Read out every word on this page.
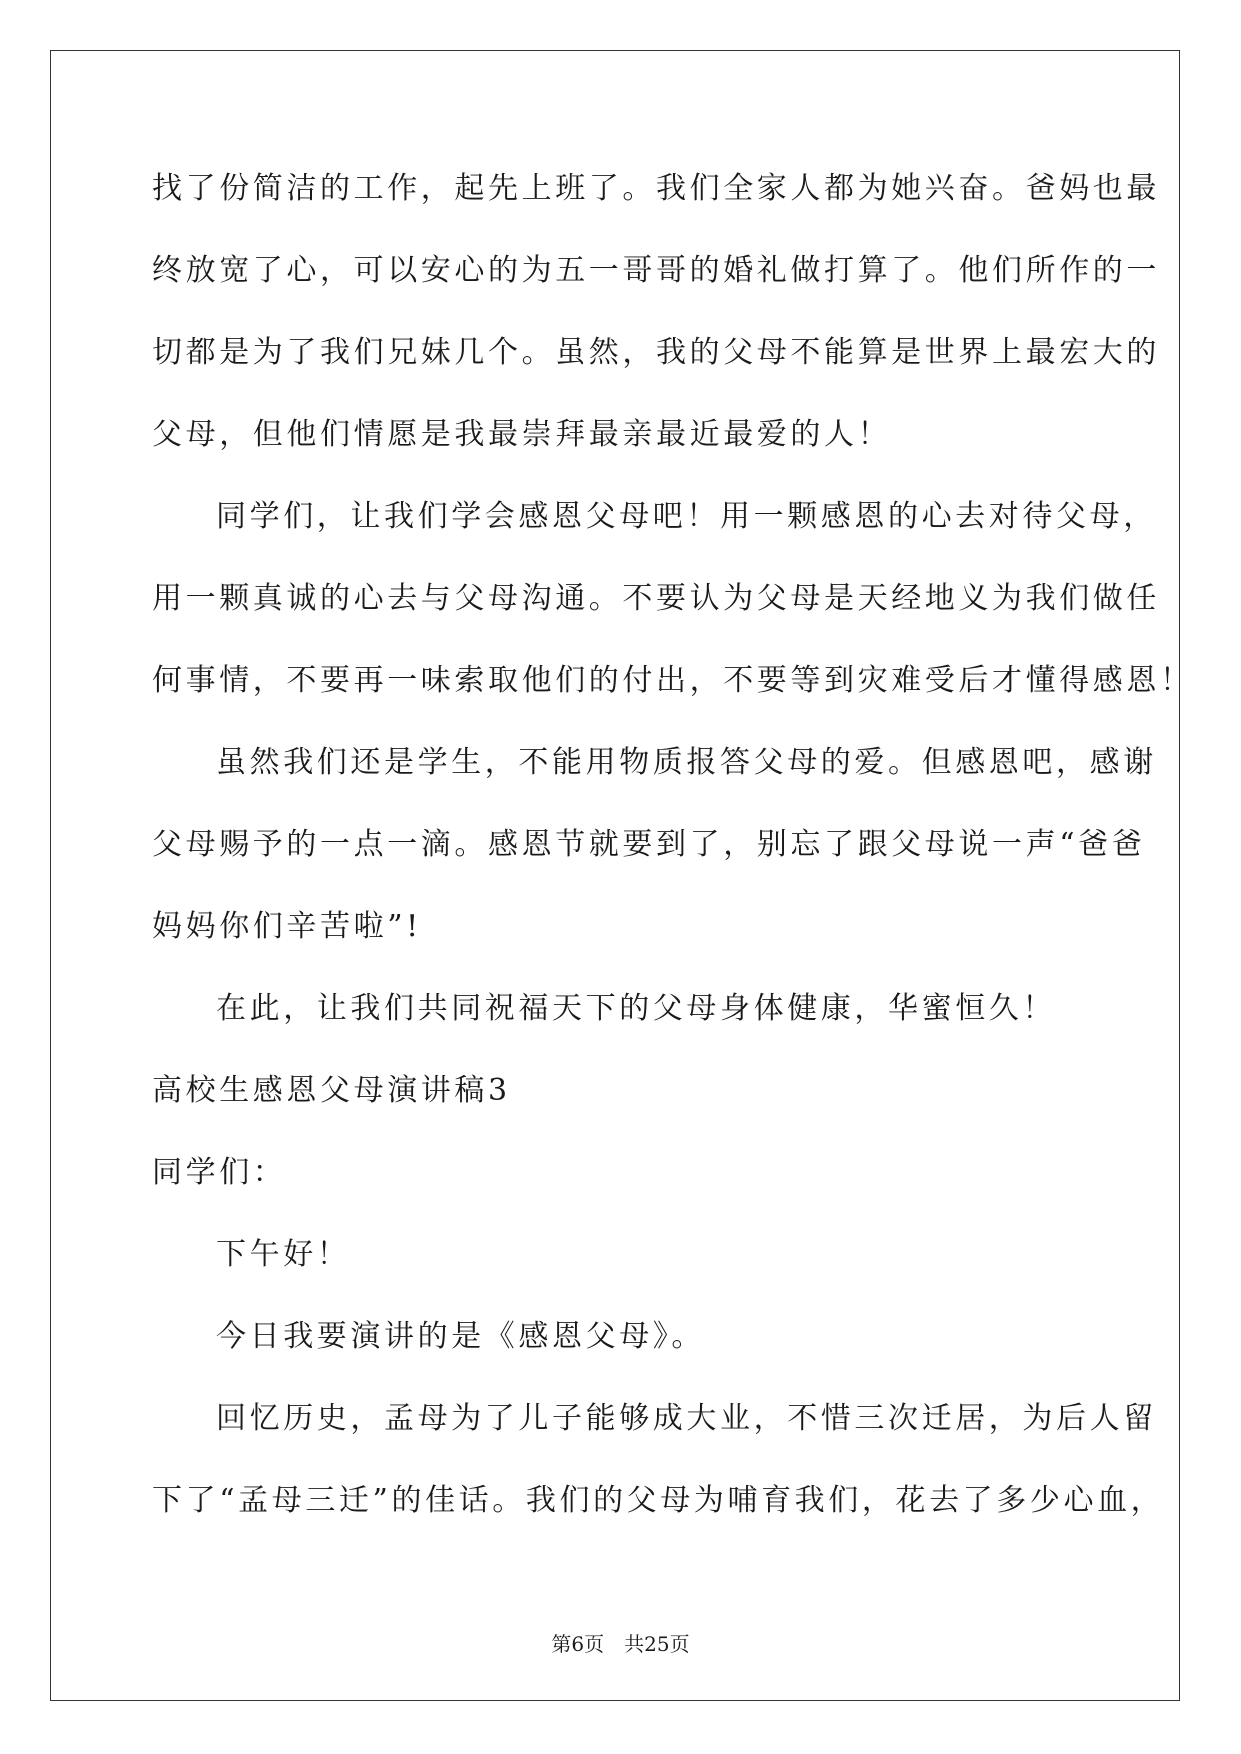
找了份简洁的工作，起先上班了。我们全家人都为她兴奋。爸妈也最
终放宽了心，可以安心的为五一哥哥的婚礼做打算了。他们所作的一
切都是为了我们兄妹几个。虽然，我的父母不能算是世界上最宏大的
父母，但他们情愿是我最崇拜最亲最近最爱的人！
同学们，让我们学会感恩父母吧！用一颗感恩的心去对待父母，
用一颗真诚的心去与父母沟通。不要认为父母是天经地义为我们做任
何事情，不要再一味索取他们的付出，不要等到灾难受后才懂得感恩！
虽然我们还是学生，不能用物质报答父母的爱。但感恩吧，感谢
父母赐予的一点一滴。感恩节就要到了，别忘了跟父母说一声“爸爸
妈妈你们辛苦啦”!
在此，让我们共同祝福天下的父母身体健康，华蜜恒久！
高校生感恩父母演讲稿3
同学们：
下午好！
今日我要演讲的是《感恩父母》。
回忆历史，孟母为了儿子能够成大业，不惜三次迁居，为后人留
下了“孟母三迁”的佳话。我们的父母为哺育我们，花去了多少心血，
第6页　共25页
